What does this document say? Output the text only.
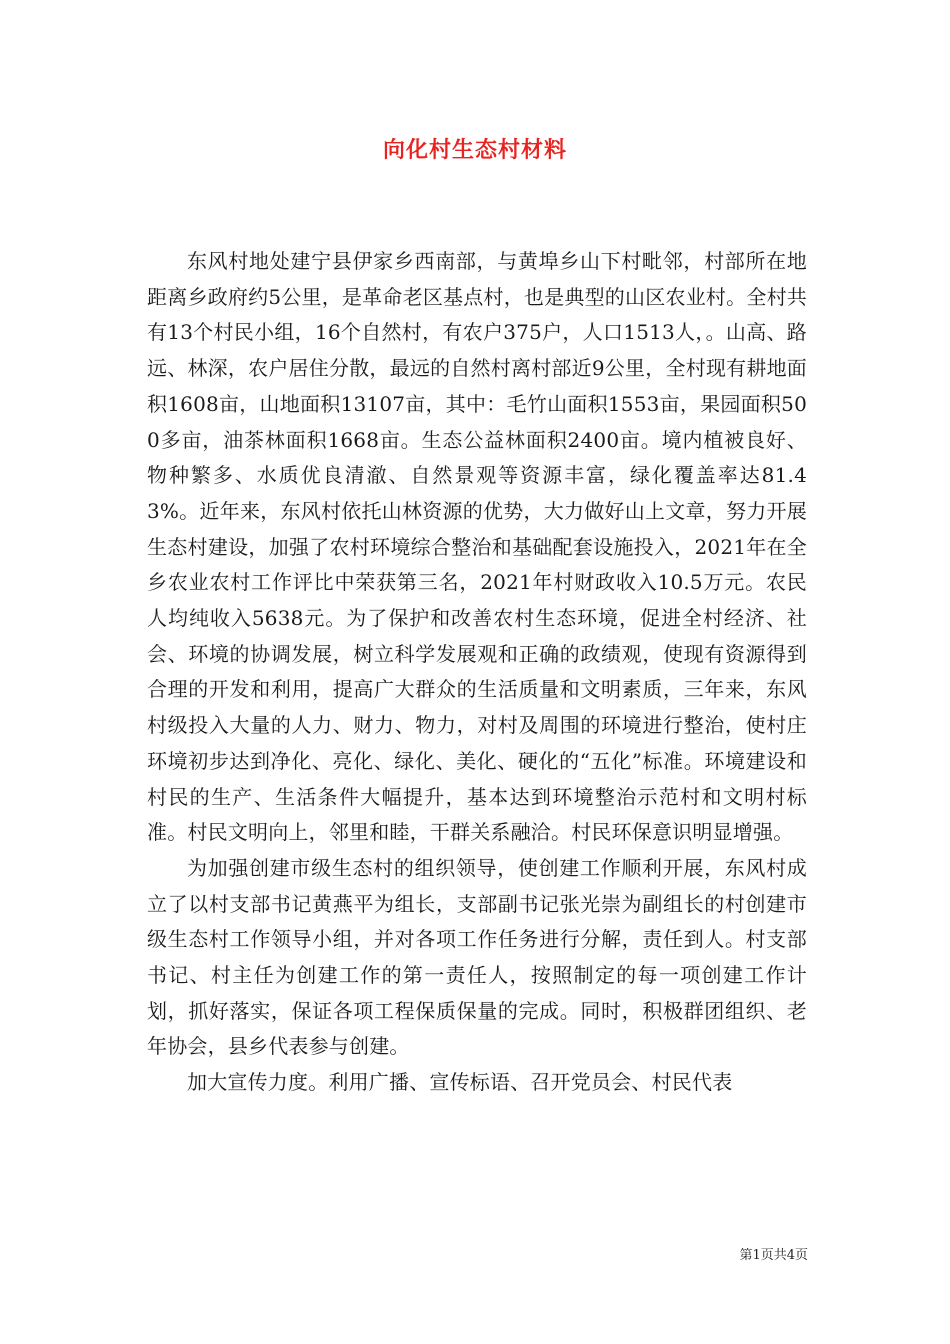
向化村生态村材料

东风村地处建宁县伊家乡西南部，与黄埠乡山下村毗邻，村部所在地距离乡政府约5公里，是革命老区基点村，也是典型的山区农业村。全村共有13个村民小组，16个自然村，有农户375户，人口1513人，。山高、路远、林深，农户居住分散，最远的自然村离村部近9公里，全村现有耕地面积1608亩，山地面积13107亩，其中：毛竹山面积1553亩，果园面积500多亩，油茶林面积1668亩。生态公益林面积2400亩。境内植被良好、物种繁多、水质优良清澈、自然景观等资源丰富，绿化覆盖率达81.43%。近年来，东风村依托山林资源的优势，大力做好山上文章，努力开展生态村建设，加强了农村环境综合整治和基础配套设施投入，2021年在全乡农业农村工作评比中荣获第三名，2021年村财政收入10.5万元。农民人均纯收入5638元。为了保护和改善农村生态环境，促进全村经济、社会、环境的协调发展，树立科学发展观和正确的政绩观，使现有资源得到合理的开发和利用，提高广大群众的生活质量和文明素质，三年来，东风村级投入大量的人力、财力、物力，对村及周围的环境进行整治，使村庄环境初步达到净化、亮化、绿化、美化、硬化的“五化”标准。环境建设和村民的生产、生活条件大幅提升，基本达到环境整治示范村和文明村标准。村民文明向上，邻里和睦，干群关系融洽。村民环保意识明显增强。

为加强创建市级生态村的组织领导，使创建工作顺利开展，东风村成立了以村支部书记黄燕平为组长，支部副书记张光崇为副组长的村创建市级生态村工作领导小组，并对各项工作任务进行分解，责任到人。村支部书记、村主任为创建工作的第一责任人，按照制定的每一项创建工作计划，抓好落实，保证各项工程保质保量的完成。同时，积极群团组织、老年协会，县乡代表参与创建。

加大宣传力度。利用广播、宣传标语、召开党员会、村民代表

第1页共4页
